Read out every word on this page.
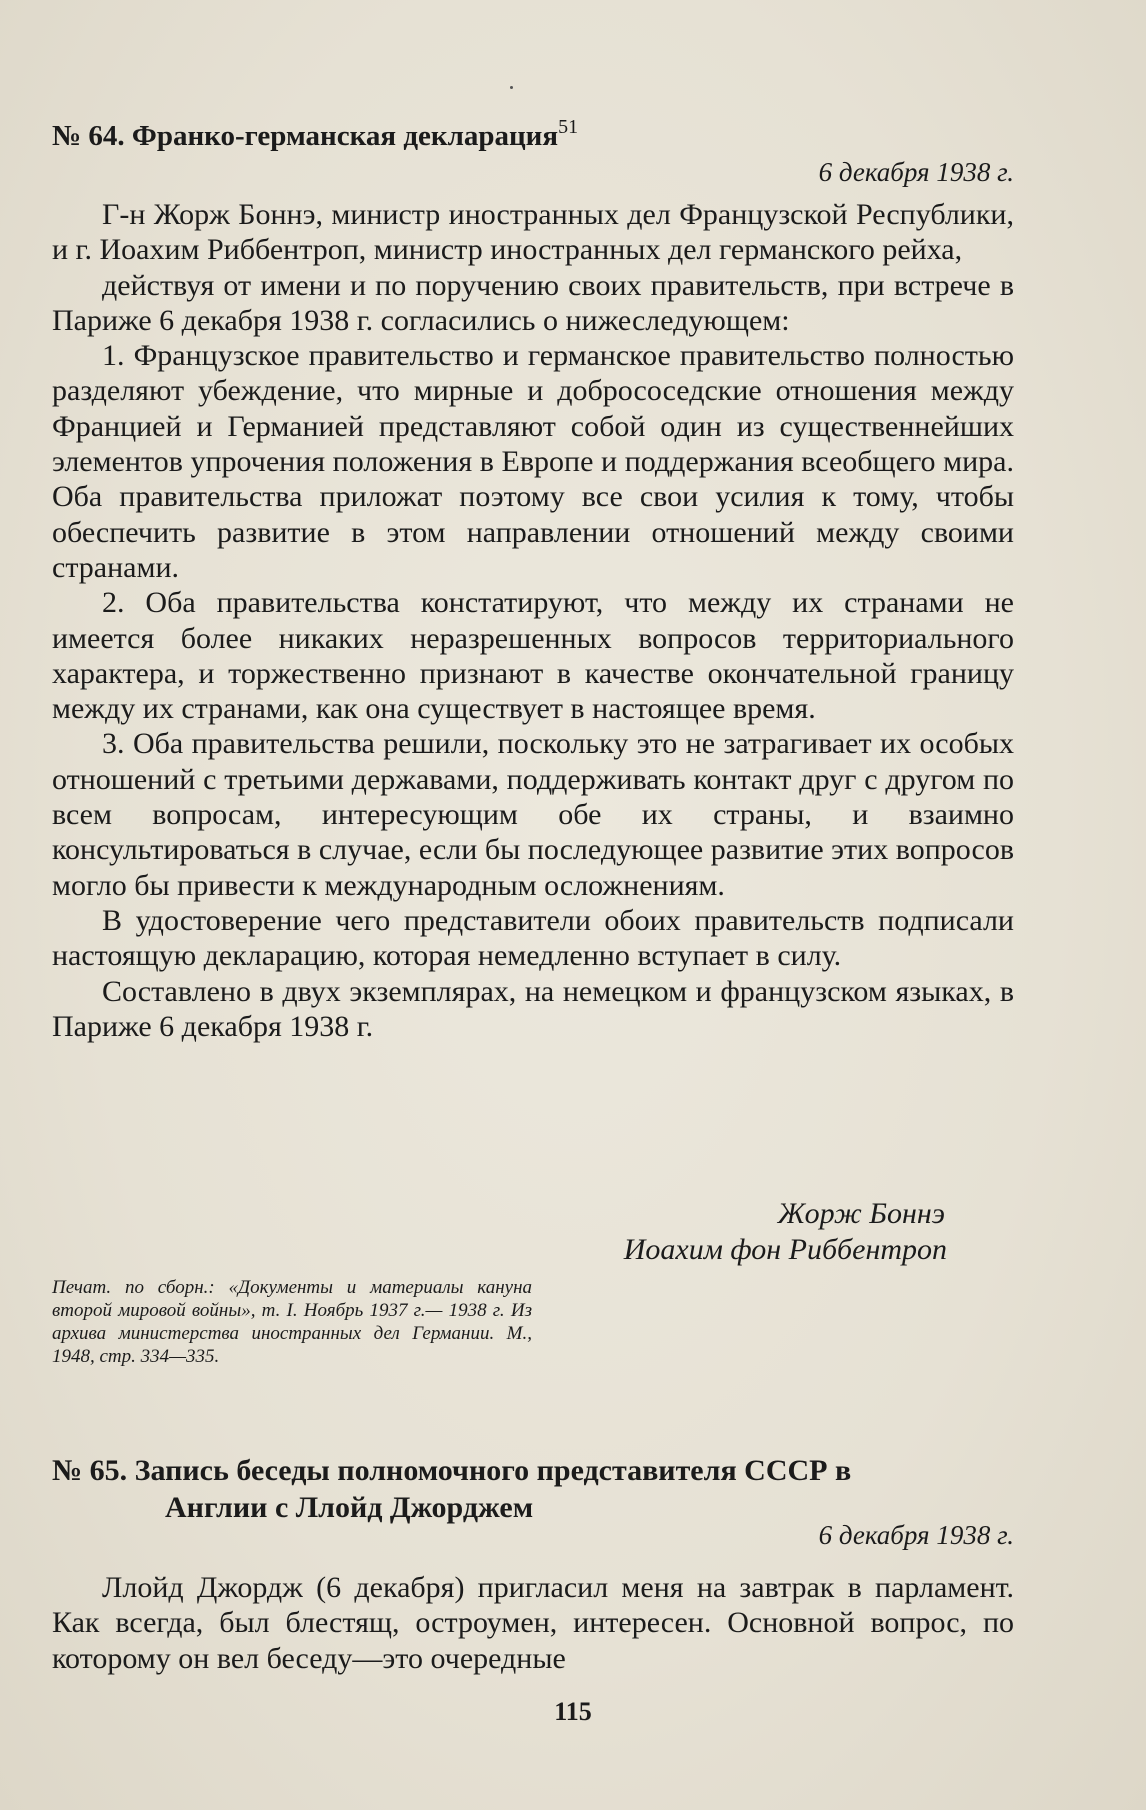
№ 64. Франко-германская декларация$^{51}$
6 декабря 1938 г.

Г-н Жорж Боннэ, министр иностранных дел Французской Республики, и г. Иоахим Риббентроп, министр иностранных дел германского рейха,

действуя от имени и по поручению своих правительств, при встрече в Париже 6 декабря 1938 г. согласились о нижеследующем:

1. Французское правительство и германское правительство полностью разделяют убеждение, что мирные и добрососедские отношения между Францией и Германией представляют собой один из существеннейших элементов упрочения положения в Европе и поддержания всеобщего мира. Оба правительства приложат поэтому все свои усилия к тому, чтобы обеспечить развитие в этом направлении отношений между своими странами.

2. Оба правительства констатируют, что между их странами не имеется более никаких неразрешенных вопросов территориального характера, и торжественно признают в качестве окончательной границу между их странами, как она существует в настоящее время.

3. Оба правительства решили, поскольку это не затрагивает их особых отношений с третьими державами, поддерживать контакт друг с другом по всем вопросам, интересующим обе их страны, и взаимно консультироваться в случае, если бы последующее развитие этих вопросов могло бы привести к международным осложнениям.

В удостоверение чего представители обоих правительств подписали настоящую декларацию, которая немедленно вступает в силу.

Составлено в двух экземплярах, на немецком и французском языках, в Париже 6 декабря 1938 г.

Жорж Боннэ
Иоахим фон Риббентроп
Печат. по сборн.: «Документы и материалы кануна второй мировой войны», т. I. Ноябрь 1937 г.— 1938 г. Из архива министерства иностранных дел Германии. М., 1948, стр. 334—335.
№ 65. Запись беседы полномочного представителя СССР в
Англии с Ллойд Джорджем
6 декабря 1938 г.

Ллойд Джордж (6 декабря) пригласил меня на завтрак в парламент. Как всегда, был блестящ, остроумен, интересен. Основной вопрос, по которому он вел беседу—это очередные

115
